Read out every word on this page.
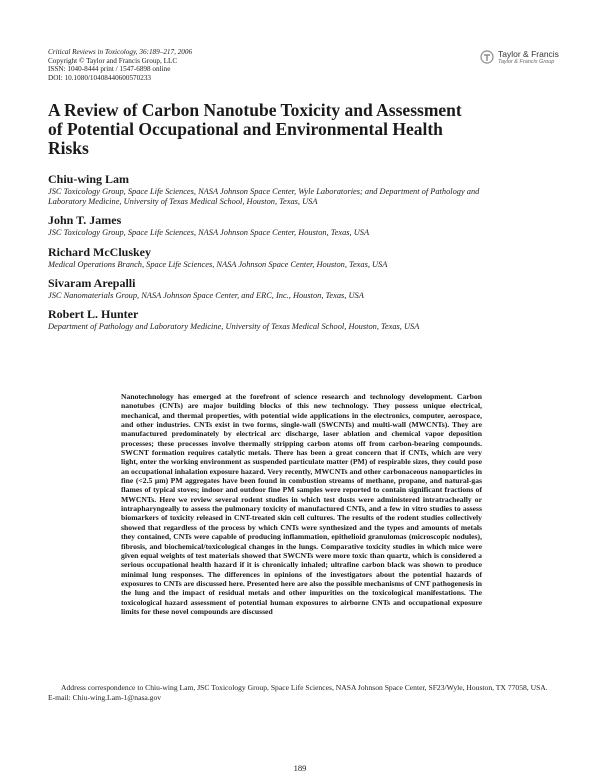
Critical Reviews in Toxicology, 36:189–217, 2006
Copyright © Taylor and Francis Group, LLC
ISSN: 1040-8444 print / 1547-6898 online
DOI: 10.1080/10408440600570233
Taylor & Francis
Taylor & Francis Group
A Review of Carbon Nanotube Toxicity and Assessment of Potential Occupational and Environmental Health Risks
Chiu-wing Lam
JSC Toxicology Group, Space Life Sciences, NASA Johnson Space Center, Wyle Laboratories; and Department of Pathology and Laboratory Medicine, University of Texas Medical School, Houston, Texas, USA
John T. James
JSC Toxicology Group, Space Life Sciences, NASA Johnson Space Center, Houston, Texas, USA
Richard McCluskey
Medical Operations Branch, Space Life Sciences, NASA Johnson Space Center, Houston, Texas, USA
Sivaram Arepalli
JSC Nanomaterials Group, NASA Johnson Space Center, and ERC, Inc., Houston, Texas, USA
Robert L. Hunter
Department of Pathology and Laboratory Medicine, University of Texas Medical School, Houston, Texas, USA
Nanotechnology has emerged at the forefront of science research and technology development. Carbon nanotubes (CNTs) are major building blocks of this new technology. They possess unique electrical, mechanical, and thermal properties, with potential wide applications in the electronics, computer, aerospace, and other industries. CNTs exist in two forms, single-wall (SWCNTs) and multi-wall (MWCNTs). They are manufactured predominately by electrical arc discharge, laser ablation and chemical vapor deposition processes; these processes involve thermally stripping carbon atoms off from carbon-bearing compounds. SWCNT formation requires catalytic metals. There has been a great concern that if CNTs, which are very light, enter the working environment as suspended particulate matter (PM) of respirable sizes, they could pose an occupational inhalation exposure hazard. Very recently, MWCNTs and other carbonaceous nanoparticles in fine (<2.5 μm) PM aggregates have been found in combustion streams of methane, propane, and natural-gas flames of typical stoves; indoor and outdoor fine PM samples were reported to contain significant fractions of MWCNTs. Here we review several rodent studies in which test dusts were administered intratracheally or intrapharyngeally to assess the pulmonary toxicity of manufactured CNTs, and a few in vitro studies to assess biomarkers of toxicity released in CNT-treated skin cell cultures. The results of the rodent studies collectively showed that regardless of the process by which CNTs were synthesized and the types and amounts of metals they contained, CNTs were capable of producing inflammation, epithelioid granulomas (microscopic nodules), fibrosis, and biochemical/toxicological changes in the lungs. Comparative toxicity studies in which mice were given equal weights of test materials showed that SWCNTs were more toxic than quartz, which is considered a serious occupational health hazard if it is chronically inhaled; ultrafine carbon black was shown to produce minimal lung responses. The differences in opinions of the investigators about the potential hazards of exposures to CNTs are discussed here. Presented here are also the possible mechanisms of CNT pathogenesis in the lung and the impact of residual metals and other impurities on the toxicological manifestations. The toxicological hazard assessment of potential human exposures to airborne CNTs and occupational exposure limits for these novel compounds are discussed
Address correspondence to Chiu-wing Lam, JSC Toxicology Group, Space Life Sciences, NASA Johnson Space Center, SF23/Wyle, Houston, TX 77058, USA. E-mail: Chiu-wing.Lam-1@nasa.gov
189
